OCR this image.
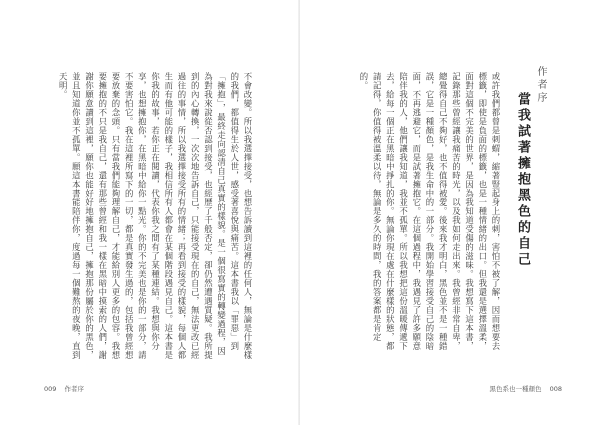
不會改變。所以我選擇接受，也想告訴讀到這裡的任何人，無論是什麼樣的我們，都值得生於人世，感受著喜悅與痛苦。這本書我以「罪惡」到「擁抱」，最終走向認清自己真實的樣貌。是一個很寫實的轉變過程，因為對我來說從否認到接受，也經歷了千般否定，卻仍然遭遇質疑。我所提到的內心轉換，一次次地告訴自己，只能接受現在的自己，無法更改已經過往的事情，所以我選擇接受所有的情緒；再看到接受的樣貌，每個人都生而有他可能的樣子，我相信所有人都會在某個階段遇見自己。這本書是你我的故事，若你正在閱讀，代表你我之間有了某種連結。我想與你分享，也想擁抱你，在黑暗中給你一點光。你的不完美也是你的一部分，請不要害怕它。我在這裡所寫下的一切，都是真實發生過的，包括我曾經想要放棄的念頭。只有當我們能夠理解自己，才能給別人更多的包容。我想要擁抱的不只是我自己，還有那些曾經和我一樣在黑暗中摸索的人們，謝謝你願意讀到這裡，願你也能好好地擁抱自己，擁抱那份屬於你的黑色，並且知道你並不孤單。願這本書能陪伴你，度過每一個難熬的夜晚，直到天明。
009 作者序	黑色系也一種顏色 008
作者序
當我試著擁抱黑色的自己
或許我們都曾是刺蝟，縮著豎起身上的刺，害怕不被了解，因而想要去標籤，即使是負面的標籤，也是一種情緒的出口。但我還是選擇溫柔，面對這個不完美的世界，是因為我知道受傷的滋味。我想寫下這本書，記錄那些曾經讓我痛苦的時光，以及我如何走出來。我曾經非常自卑，總覺得自己不夠好，也不值得被愛。後來我才明白，黑色並不是一種錯誤，它是一種顏色，是我生命中的一部分。我開始學習接受自己的陰暗面，不再逃避它，而是試著擁抱它。在這個過程中，我遇見了許多願意陪伴我的人，他們讓我知道，我並不孤單。所以我想把這份溫暖傳遞下去，給每一個正在黑暗中掙扎的你。無論你現在處在什麼樣的狀態，都請記得，你值得被溫柔以待，無論是多久的時間，我的答案都是肯定的。
